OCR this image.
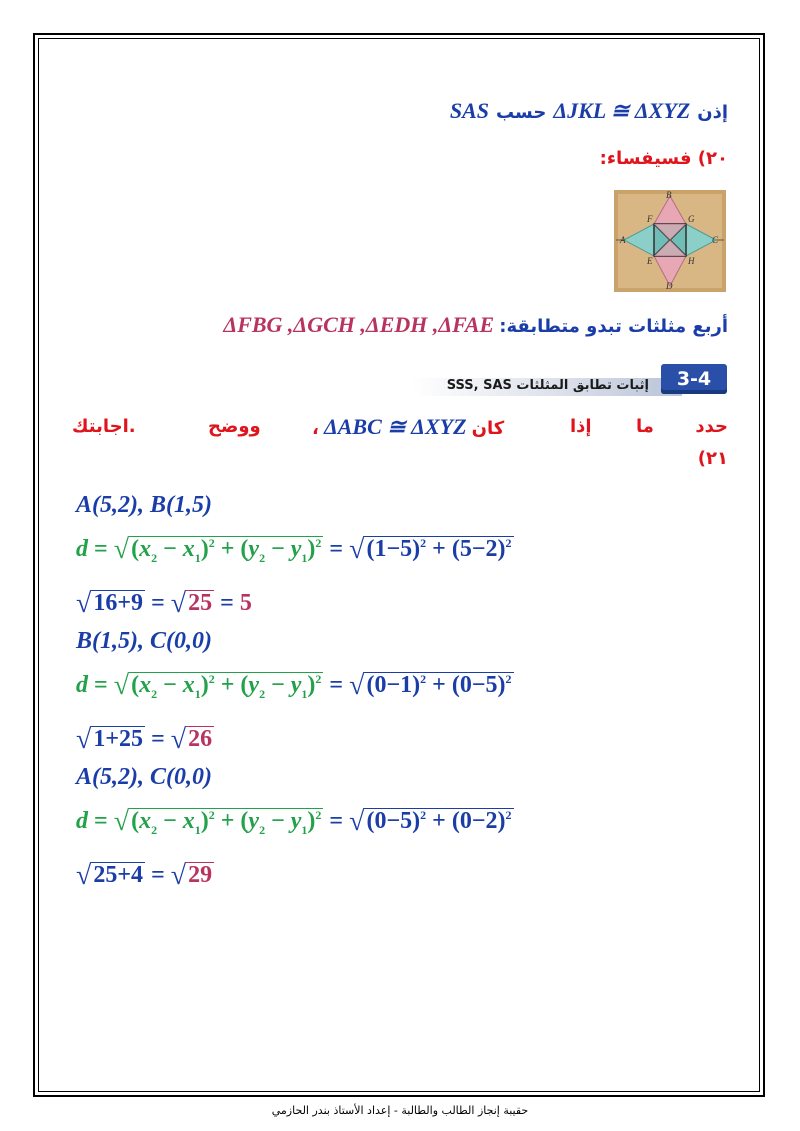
SAS حسب ΔJKL ≅ ΔXYZ إذن
٢٠) فسيفساء:
B
F	G
A	C
E	H
D
ΔFBG ,ΔGCH ,ΔEDH ,ΔFAE أربع مثلثات تبدو متطابقة:
إثبات تطابق المثلثات SSS, SAS	3-4
حدد
ما
إذا
، ΔABC ≅ ΔXYZ كان
ووضح
اجابتك.
٢١)
A(5,2), B(1,5)
$d = √(x_2 - x_1)^2 + (y_2 - y_1)^2 = √(1-5)^2 + (5-2)^2$
√16+9 = √25 = 5
B(1,5), C(0,0)
$d = √(x_2 - x_1)^2 + (y_2 - y_1)^2 = √(0-1)^2 + (0-5)^2$
√1+25 = √26
A(5,2), C(0,0)
$d = √(x_2 - x_1)^2 + (y_2 - y_1)^2 = √(0-5)^2 + (0-2)^2$
√25+4 = √29
حقيبة إنجاز الطالب والطالبة - إعداد الأستاذ بندر الحازمي
